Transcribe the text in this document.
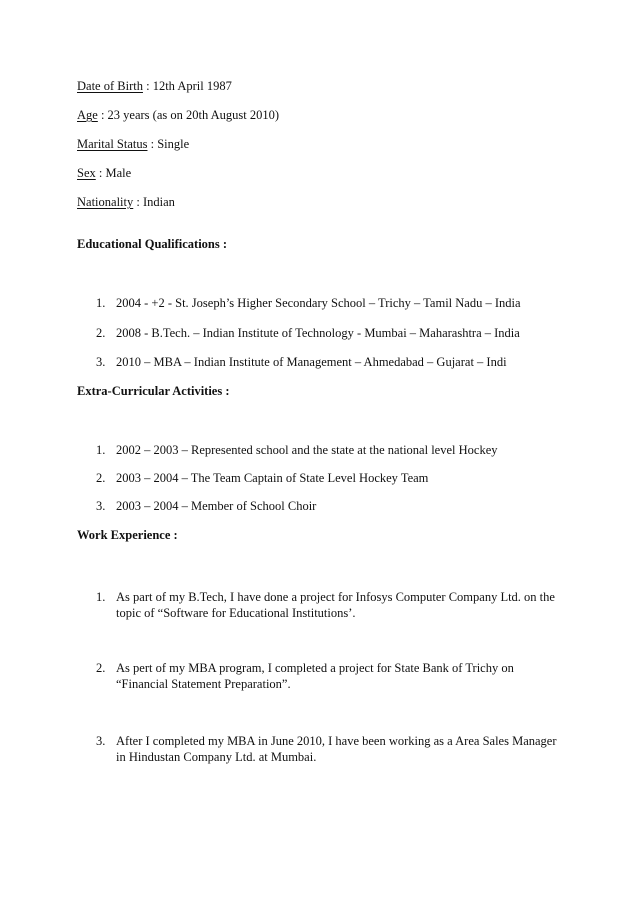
Date of Birth : 12th April 1987
Age : 23 years (as on 20th August 2010)
Marital Status : Single
Sex : Male
Nationality : Indian
Educational Qualifications :
1. 2004 - +2 - St. Joseph’s Higher Secondary School – Trichy – Tamil Nadu – India
2. 2008 - B.Tech. – Indian Institute of Technology - Mumbai – Maharashtra – India
3. 2010 – MBA – Indian Institute of Management – Ahmedabad – Gujarat – Indi
Extra-Curricular Activities :
1. 2002 – 2003 – Represented school and the state at the national level Hockey
2. 2003 – 2004 – The Team Captain of State Level Hockey Team
3. 2003 – 2004 – Member of School Choir
Work Experience :
1. As part of my B.Tech, I have done a project for Infosys Computer Company Ltd. on the topic of “Software for Educational Institutions’.
2. As pert of my MBA program, I completed a project for State Bank of Trichy on “Financial Statement Preparation”.
3. After I completed my MBA in June 2010, I have been working as a Area Sales Manager in Hindustan Company Ltd. at Mumbai.
